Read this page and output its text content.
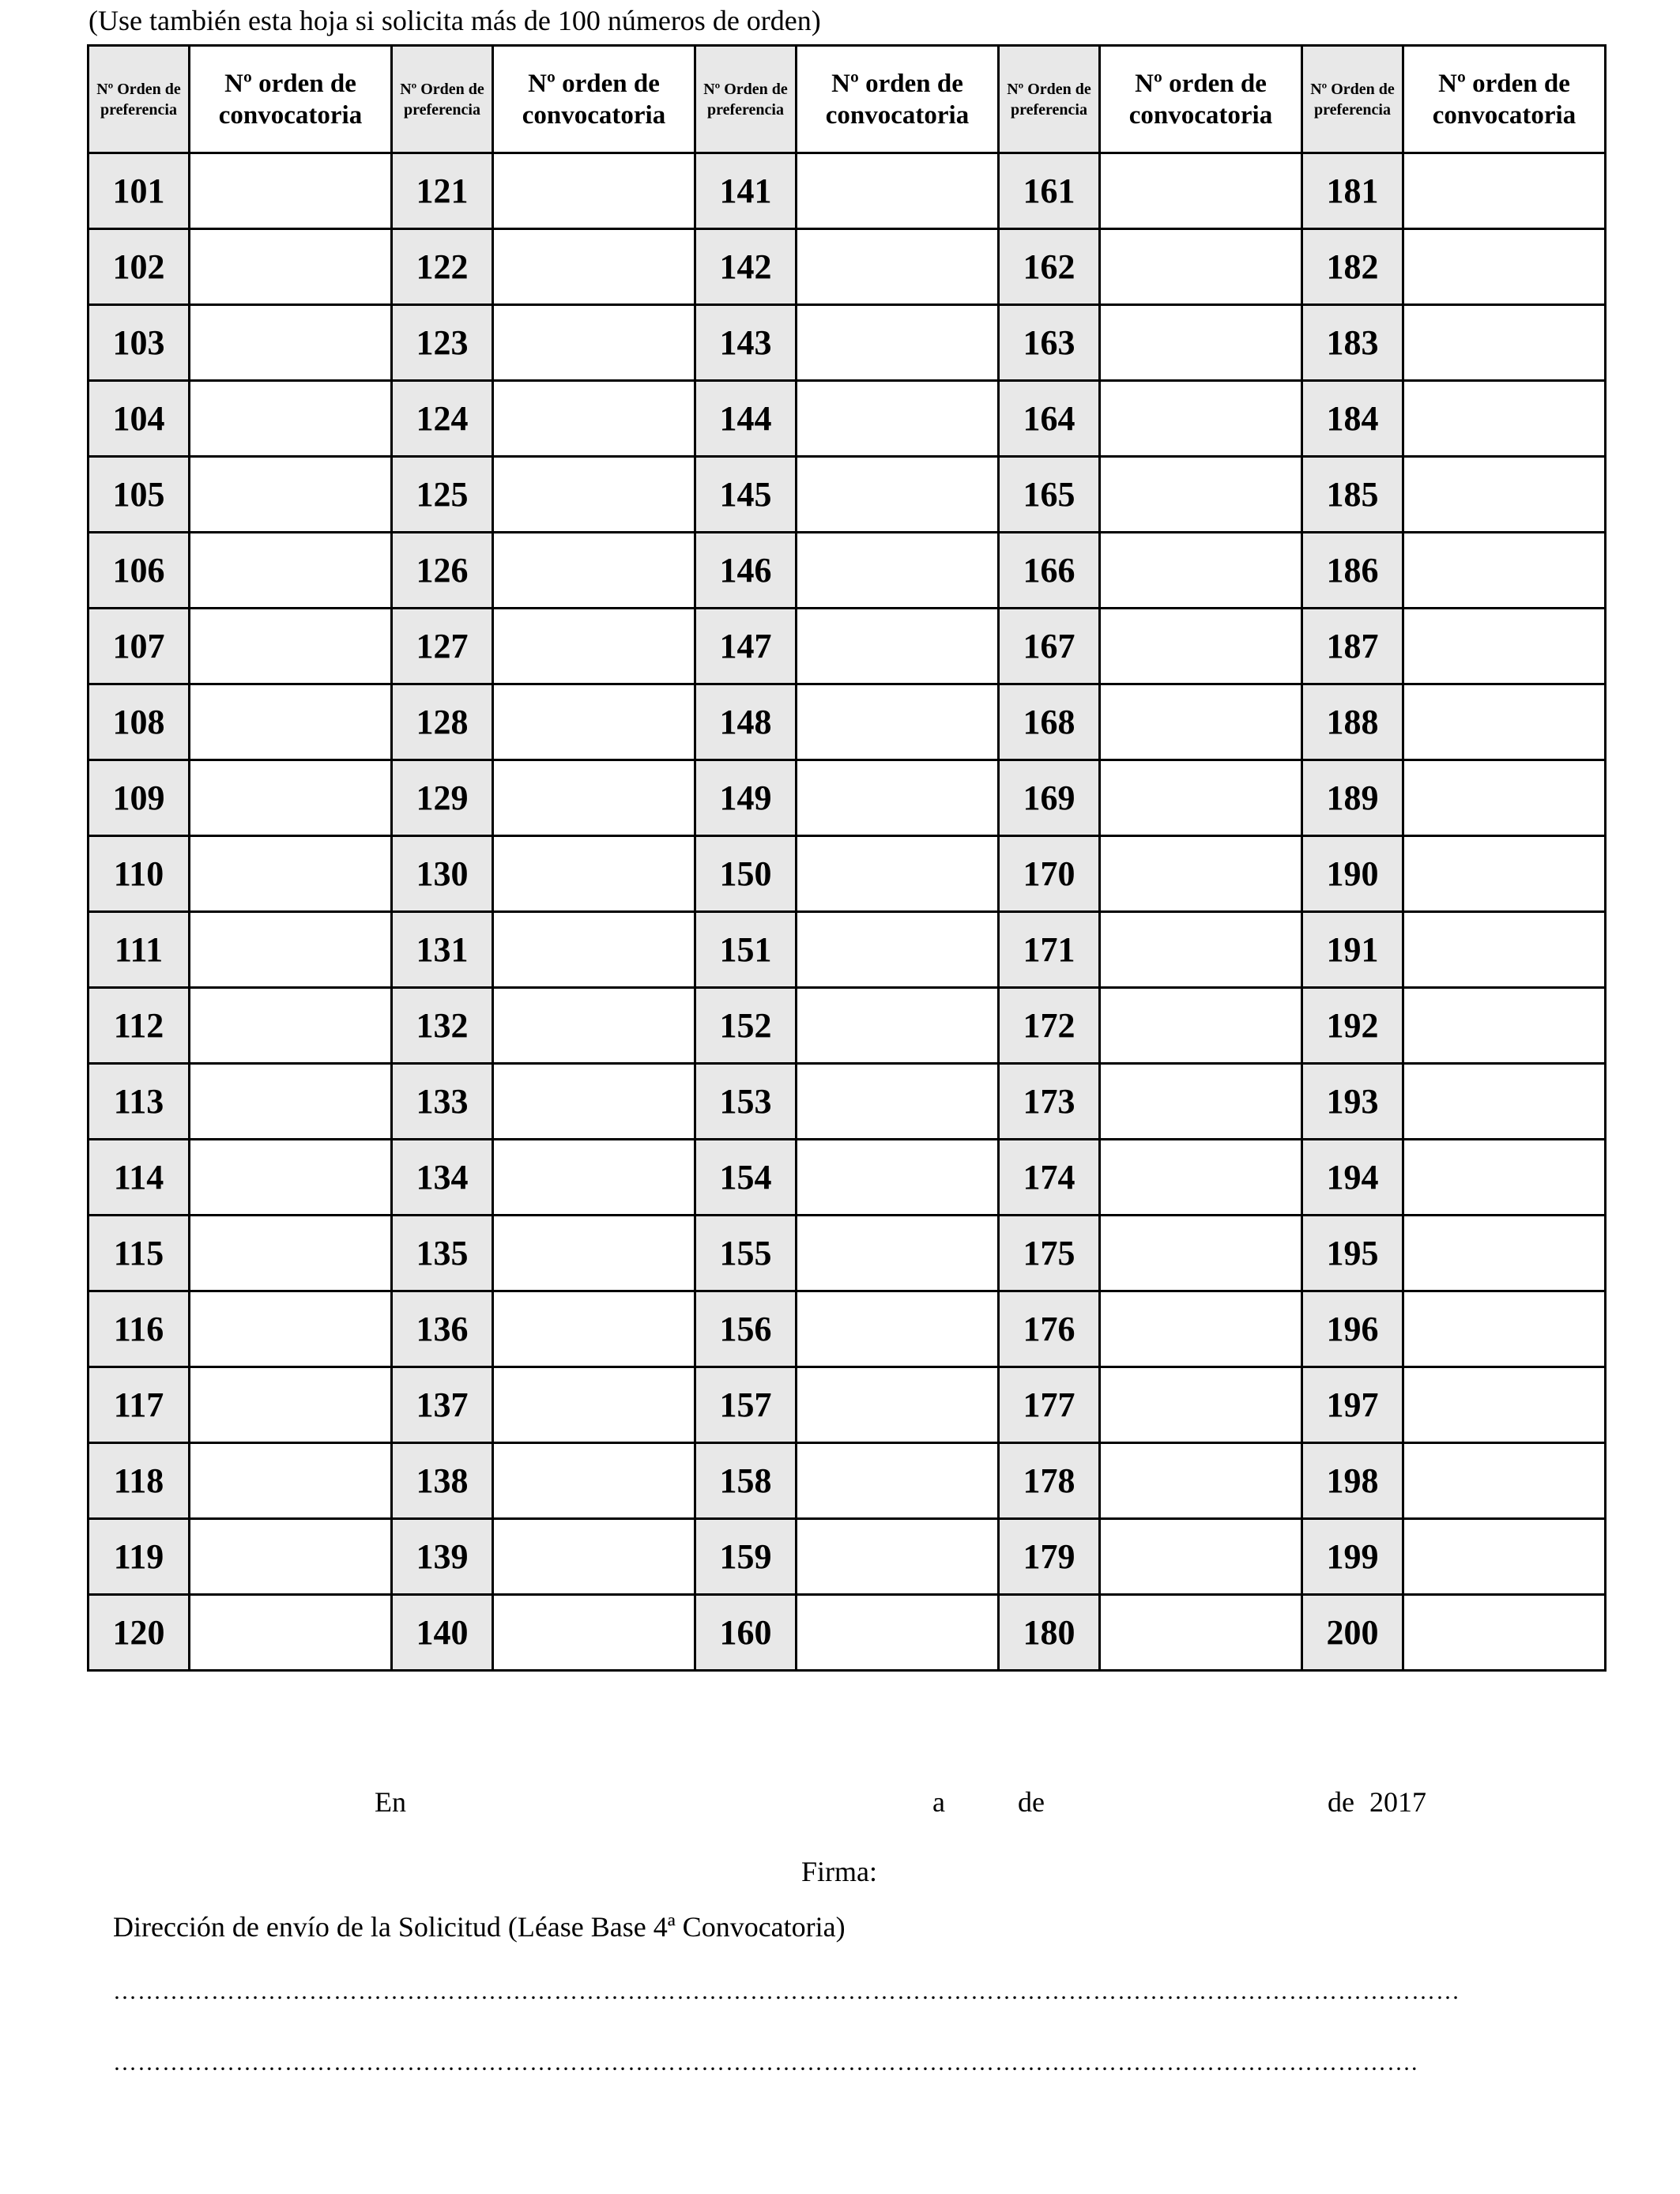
(Use también esta hoja si solicita más de 100 números de orden)
Nº Orden de preferencia	Nº orden de convocatoria	Nº Orden de preferencia	Nº orden de convocatoria	Nº Orden de preferencia	Nº orden de convocatoria	Nº Orden de preferencia	Nº orden de convocatoria	Nº Orden de preferencia	Nº orden de convocatoria
101		121		141		161		181	
102		122		142		162		182	
103		123		143		163		183	
104		124		144		164		184	
105		125		145		165		185	
106		126		146		166		186	
107		127		147		167		187	
108		128		148		168		188	
109		129		149		169		189	
110		130		150		170		190	
111		131		151		171		191	
112		132		152		172		192	
113		133		153		173		193	
114		134		154		174		194	
115		135		155		175		195	
116		136		156		176		196	
117		137		157		177		197	
118		138		158		178		198	
119		139		159		179		199	
120		140		160		180		200	
En	a	de	de 2017
Firma:
Dirección de envío de la Solicitud (Léase Base 4ª Convocatoria)
…………………………………………………………………………………………………………………………………………………
…………………………………………………………………………………………………………………………………………….
